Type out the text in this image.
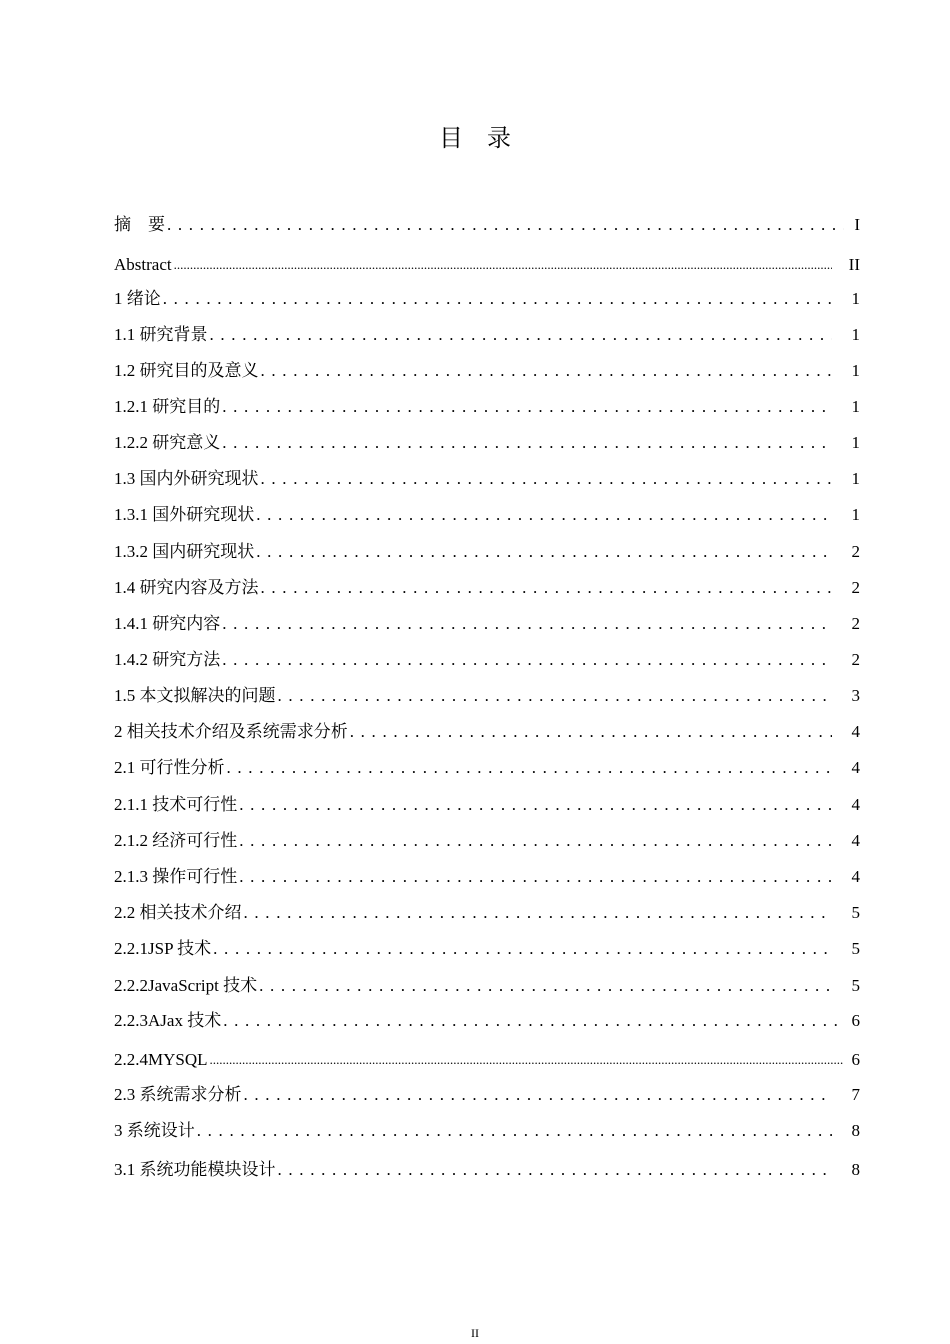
目　录
摘　要 . . .	I
Abstract .....	II
1 绪论 . . .	1
1.1 研究背景 . . .	1
1.2 研究目的及意义 . . .	1
1.2.1 研究目的 . . .	1
1.2.2 研究意义 . . .	1
1.3 国内外研究现状 . . .	1
1.3.1 国外研究现状 . . .	1
1.3.2 国内研究现状 . . .	2
1.4 研究内容及方法 . . .	2
1.4.1 研究内容 . . .	2
1.4.2 研究方法 . . .	2
1.5 本文拟解决的问题 . . .	3
2 相关技术介绍及系统需求分析 . . .	4
2.1 可行性分析 . . .	4
2.1.1 技术可行性 . . .	4
2.1.2 经济可行性 . . .	4
2.1.3 操作可行性 . . .	4
2.2 相关技术介绍 . . .	5
2.2.1JSP 技术 . . .	5
2.2.2JavaScript 技术 . . .	5
2.2.3AJax 技术 . . .	6
2.2.4MYSQL .....	6
2.3 系统需求分析 . . .	7
3 系统设计 . . .	8
3.1 系统功能模块设计 . . .	8
II
